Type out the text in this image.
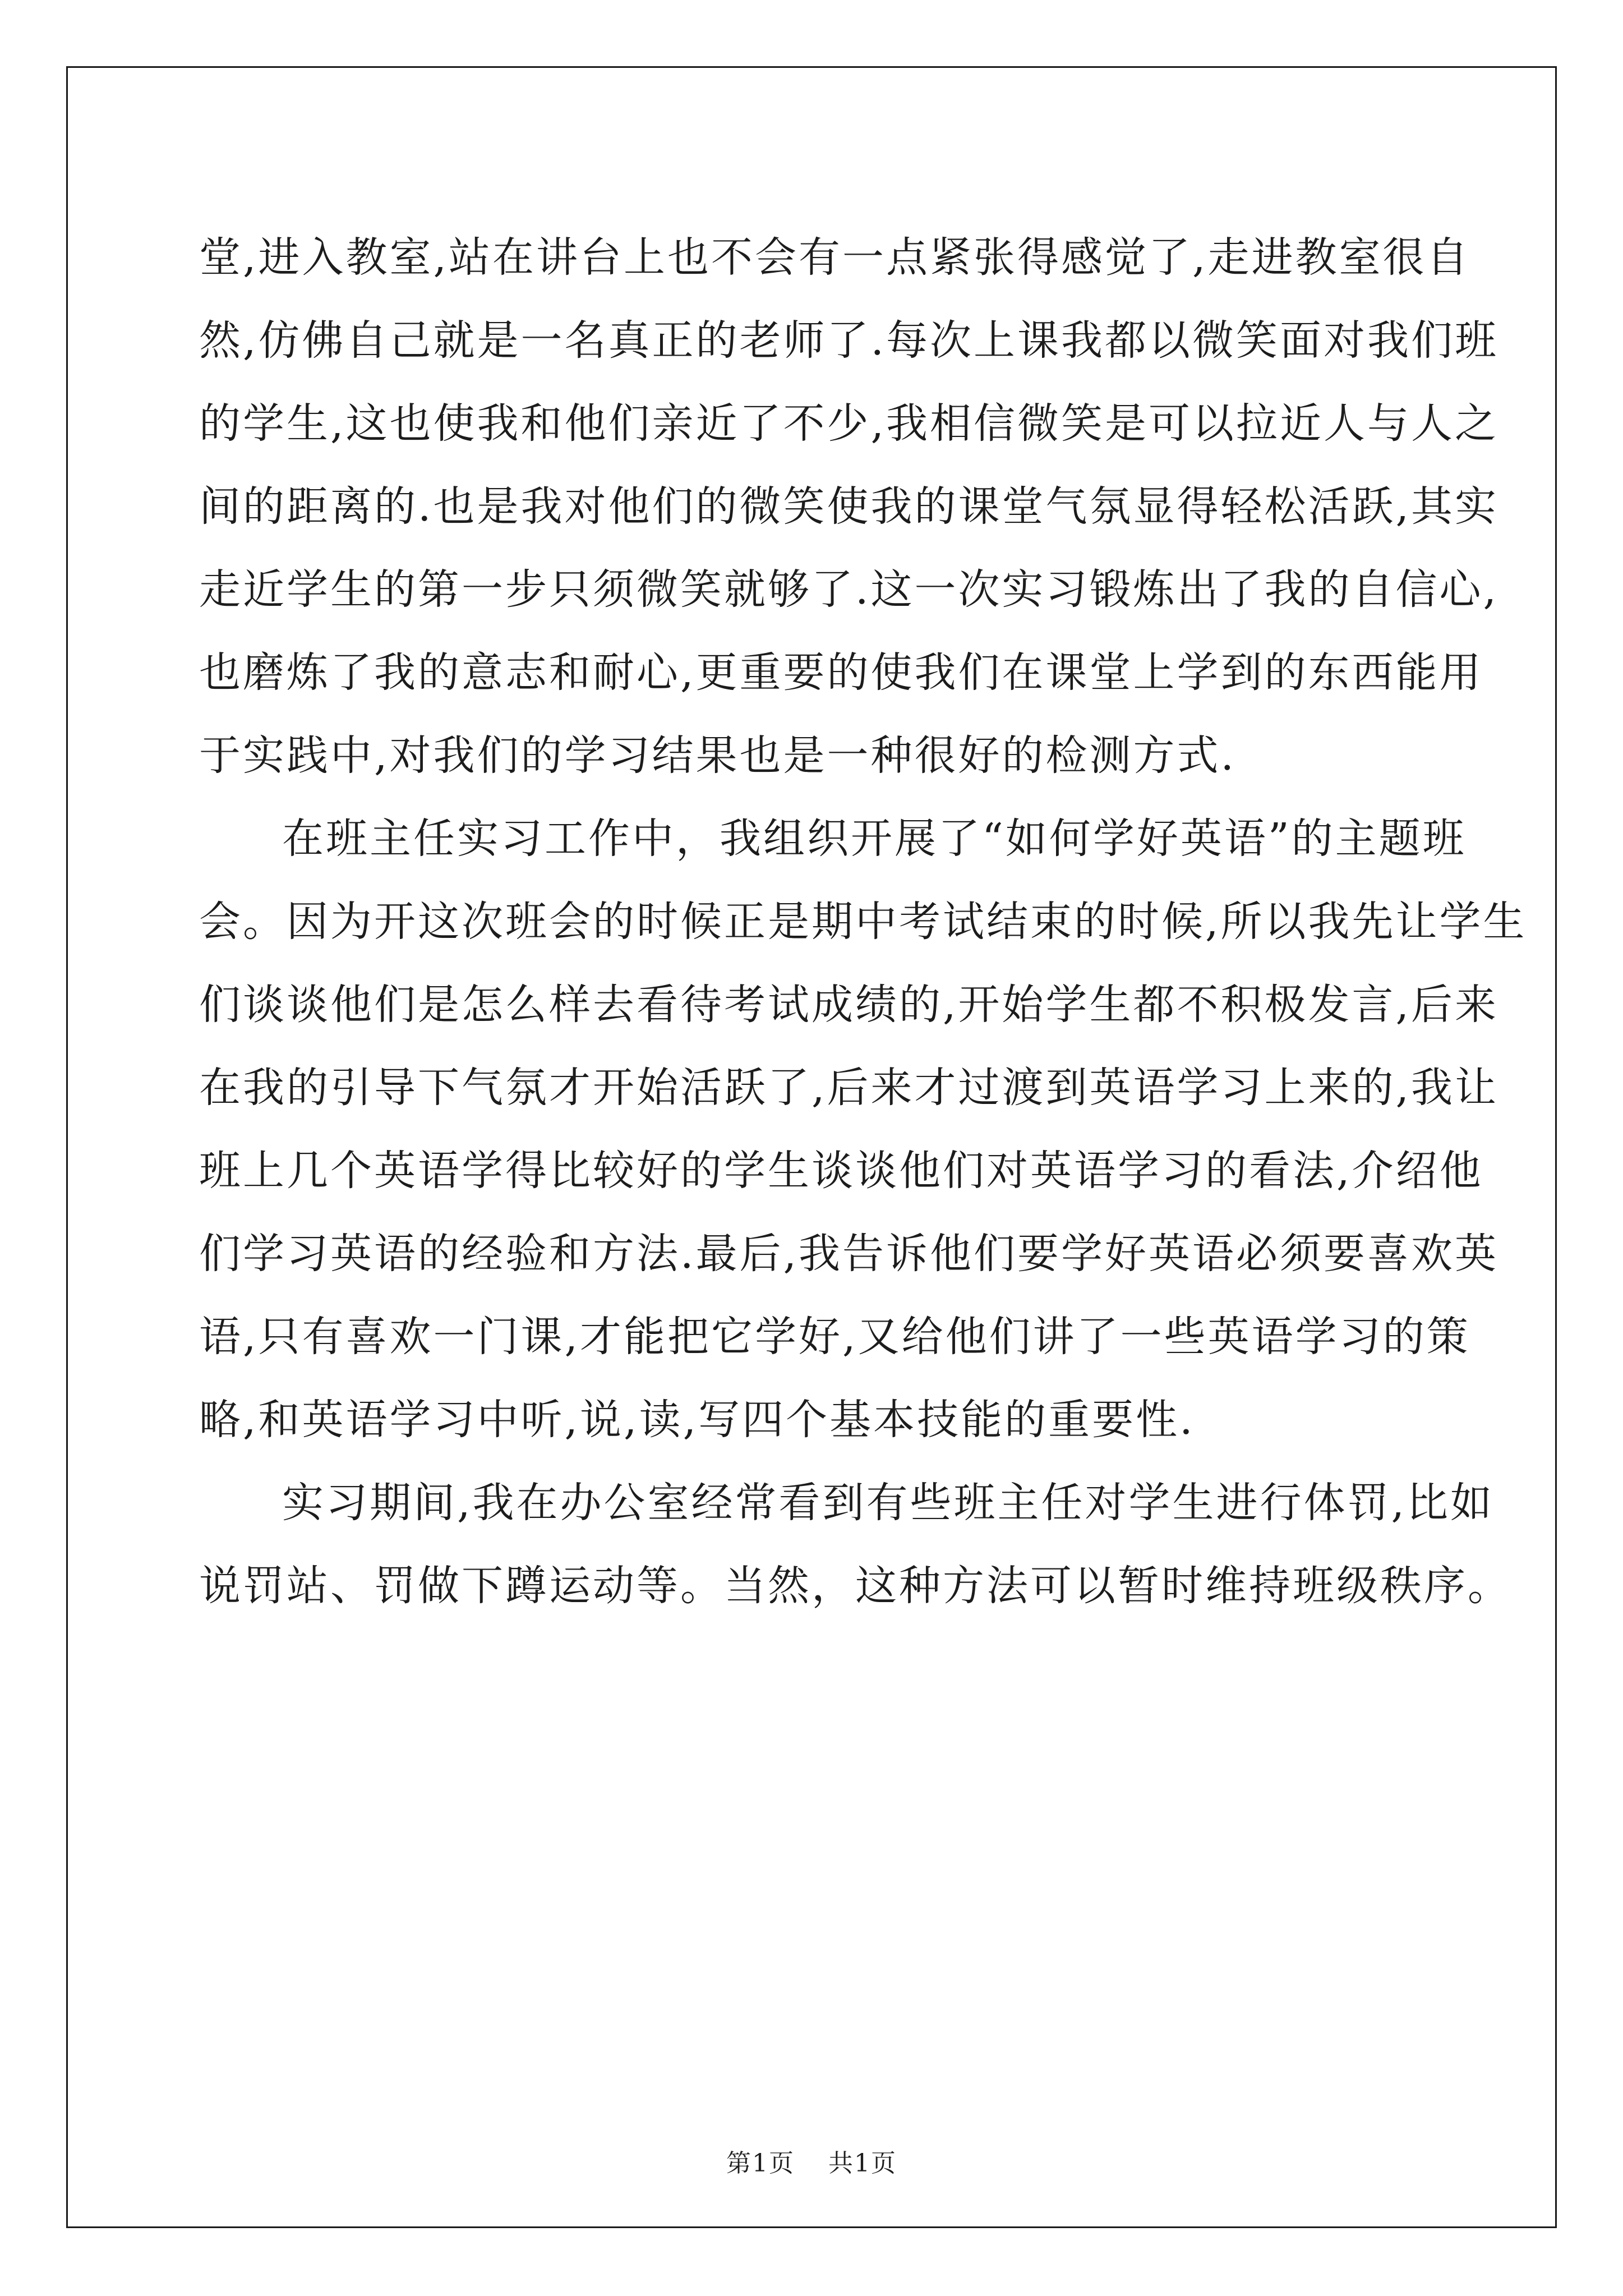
堂,进入教室,站在讲台上也不会有一点紧张得感觉了,走进教室很自
然,仿佛自己就是一名真正的老师了.每次上课我都以微笑面对我们班
的学生,这也使我和他们亲近了不少,我相信微笑是可以拉近人与人之
间的距离的.也是我对他们的微笑使我的课堂气氛显得轻松活跃,其实
走近学生的第一步只须微笑就够了.这一次实习锻炼出了我的自信心,
也磨炼了我的意志和耐心,更重要的使我们在课堂上学到的东西能用
于实践中,对我们的学习结果也是一种很好的检测方式.
在班主任实习工作中，我组织开展了“如何学好英语”的主题班
会。因为开这次班会的时候正是期中考试结束的时候,所以我先让学生
们谈谈他们是怎么样去看待考试成绩的,开始学生都不积极发言,后来
在我的引导下气氛才开始活跃了,后来才过渡到英语学习上来的,我让
班上几个英语学得比较好的学生谈谈他们对英语学习的看法,介绍他
们学习英语的经验和方法.最后,我告诉他们要学好英语必须要喜欢英
语,只有喜欢一门课,才能把它学好,又给他们讲了一些英语学习的策
略,和英语学习中听,说,读,写四个基本技能的重要性.
实习期间,我在办公室经常看到有些班主任对学生进行体罚,比如
说罚站、罚做下蹲运动等。当然，这种方法可以暂时维持班级秩序。
第1页 共1页
